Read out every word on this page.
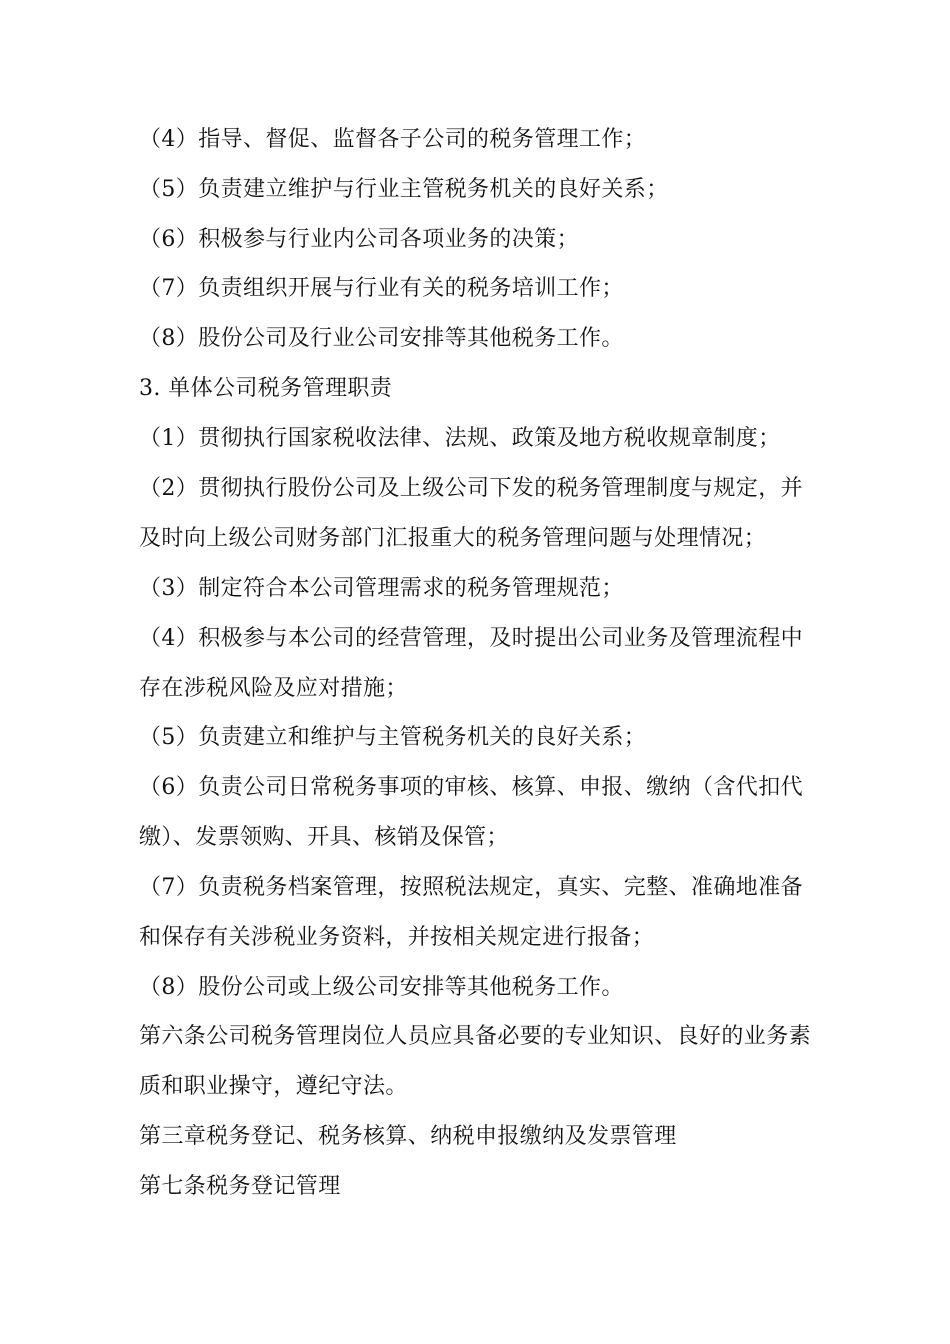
（4）指导、督促、监督各子公司的税务管理工作；
（5）负责建立维护与行业主管税务机关的良好关系；
（6）积极参与行业内公司各项业务的决策；
（7）负责组织开展与行业有关的税务培训工作；
（8）股份公司及行业公司安排等其他税务工作。
3. 单体公司税务管理职责
（1）贯彻执行国家税收法律、法规、政策及地方税收规章制度；
（2）贯彻执行股份公司及上级公司下发的税务管理制度与规定，并
及时向上级公司财务部门汇报重大的税务管理问题与处理情况；
（3）制定符合本公司管理需求的税务管理规范；
（4）积极参与本公司的经营管理，及时提出公司业务及管理流程中
存在涉税风险及应对措施；
（5）负责建立和维护与主管税务机关的良好关系；
（6）负责公司日常税务事项的审核、核算、申报、缴纳（含代扣代
缴）、发票领购、开具、核销及保管；
（7）负责税务档案管理，按照税法规定，真实、完整、准确地准备
和保存有关涉税业务资料，并按相关规定进行报备；
（8）股份公司或上级公司安排等其他税务工作。
第六条公司税务管理岗位人员应具备必要的专业知识、良好的业务素
质和职业操守，遵纪守法。
第三章税务登记、税务核算、纳税申报缴纳及发票管理
第七条税务登记管理
